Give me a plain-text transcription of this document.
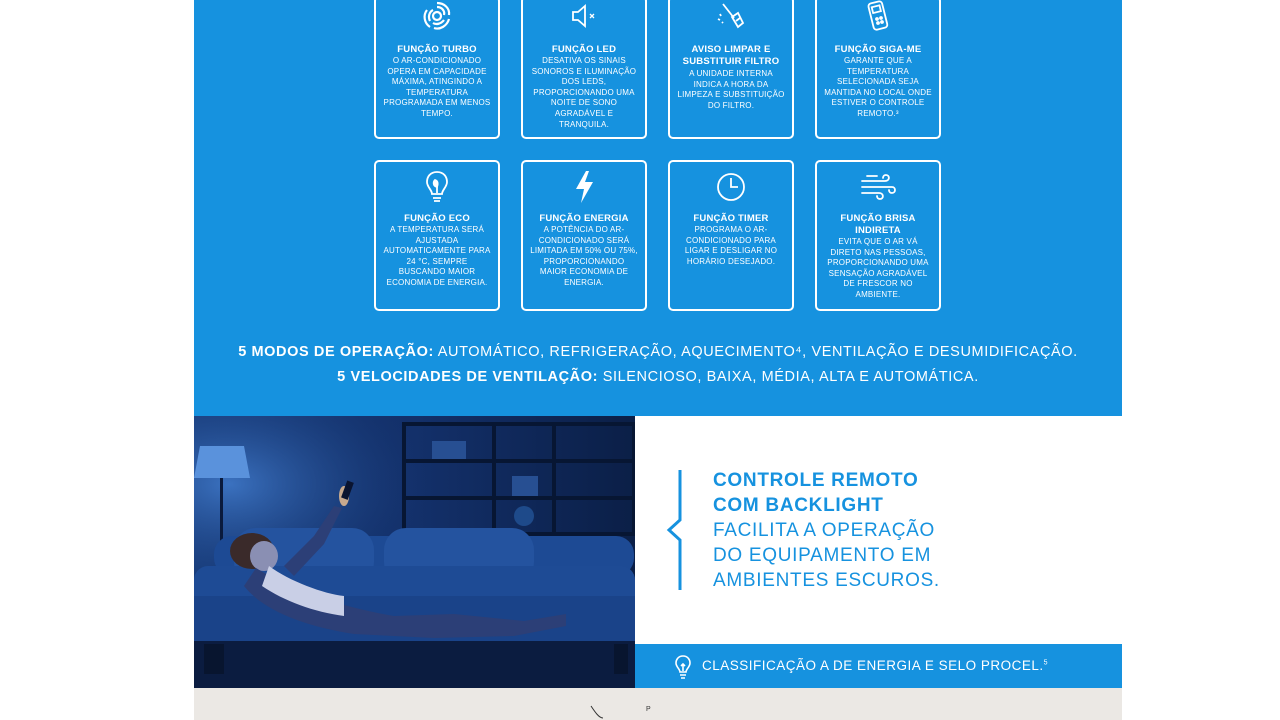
FUNÇÃO TURBO
O AR-CONDICIONADO OPERA EM CAPACIDADE MÁXIMA, ATINGINDO A TEMPERATURA PROGRAMADA EM MENOS TEMPO.
FUNÇÃO LED
DESATIVA OS SINAIS SONOROS E ILUMINAÇÃO DOS LEDS, PROPORCIONANDO UMA NOITE DE SONO AGRADÁVEL E TRANQUILA.
AVISO LIMPAR E SUBSTITUIR FILTRO
A UNIDADE INTERNA INDICA A HORA DA LIMPEZA E SUBSTITUIÇÃO DO FILTRO.
FUNÇÃO SIGA-ME
GARANTE QUE A TEMPERATURA SELECIONADA SEJA MANTIDA NO LOCAL ONDE ESTIVER O CONTROLE REMOTO.³
FUNÇÃO ECO
A TEMPERATURA SERÁ AJUSTADA AUTOMATICAMENTE PARA 24 °C, SEMPRE BUSCANDO MAIOR ECONOMIA DE ENERGIA.
FUNÇÃO ENERGIA
A POTÊNCIA DO AR-CONDICIONADO SERÁ LIMITADA EM 50% OU 75%, PROPORCIONANDO MAIOR ECONOMIA DE ENERGIA.
FUNÇÃO TIMER
PROGRAMA O AR-CONDICIONADO PARA LIGAR E DESLIGAR NO HORÁRIO DESEJADO.
FUNÇÃO BRISA INDIRETA
EVITA QUE O AR VÁ DIRETO NAS PESSOAS, PROPORCIONANDO UMA SENSAÇÃO AGRADÁVEL DE FRESCOR NO AMBIENTE.
5 MODOS DE OPERAÇÃO: AUTOMÁTICO, REFRIGERAÇÃO, AQUECIMENTO⁴, VENTILAÇÃO E DESUMIDIFICAÇÃO.
5 VELOCIDADES DE VENTILAÇÃO: SILENCIOSO, BAIXA, MÉDIA, ALTA E AUTOMÁTICA.
CONTROLE REMOTO
COM BACKLIGHT
FACILITA A OPERAÇÃO
DO EQUIPAMENTO EM
AMBIENTES ESCUROS.
CLASSIFICAÇÃO A DE ENERGIA E SELO PROCEL.$^5$
P
